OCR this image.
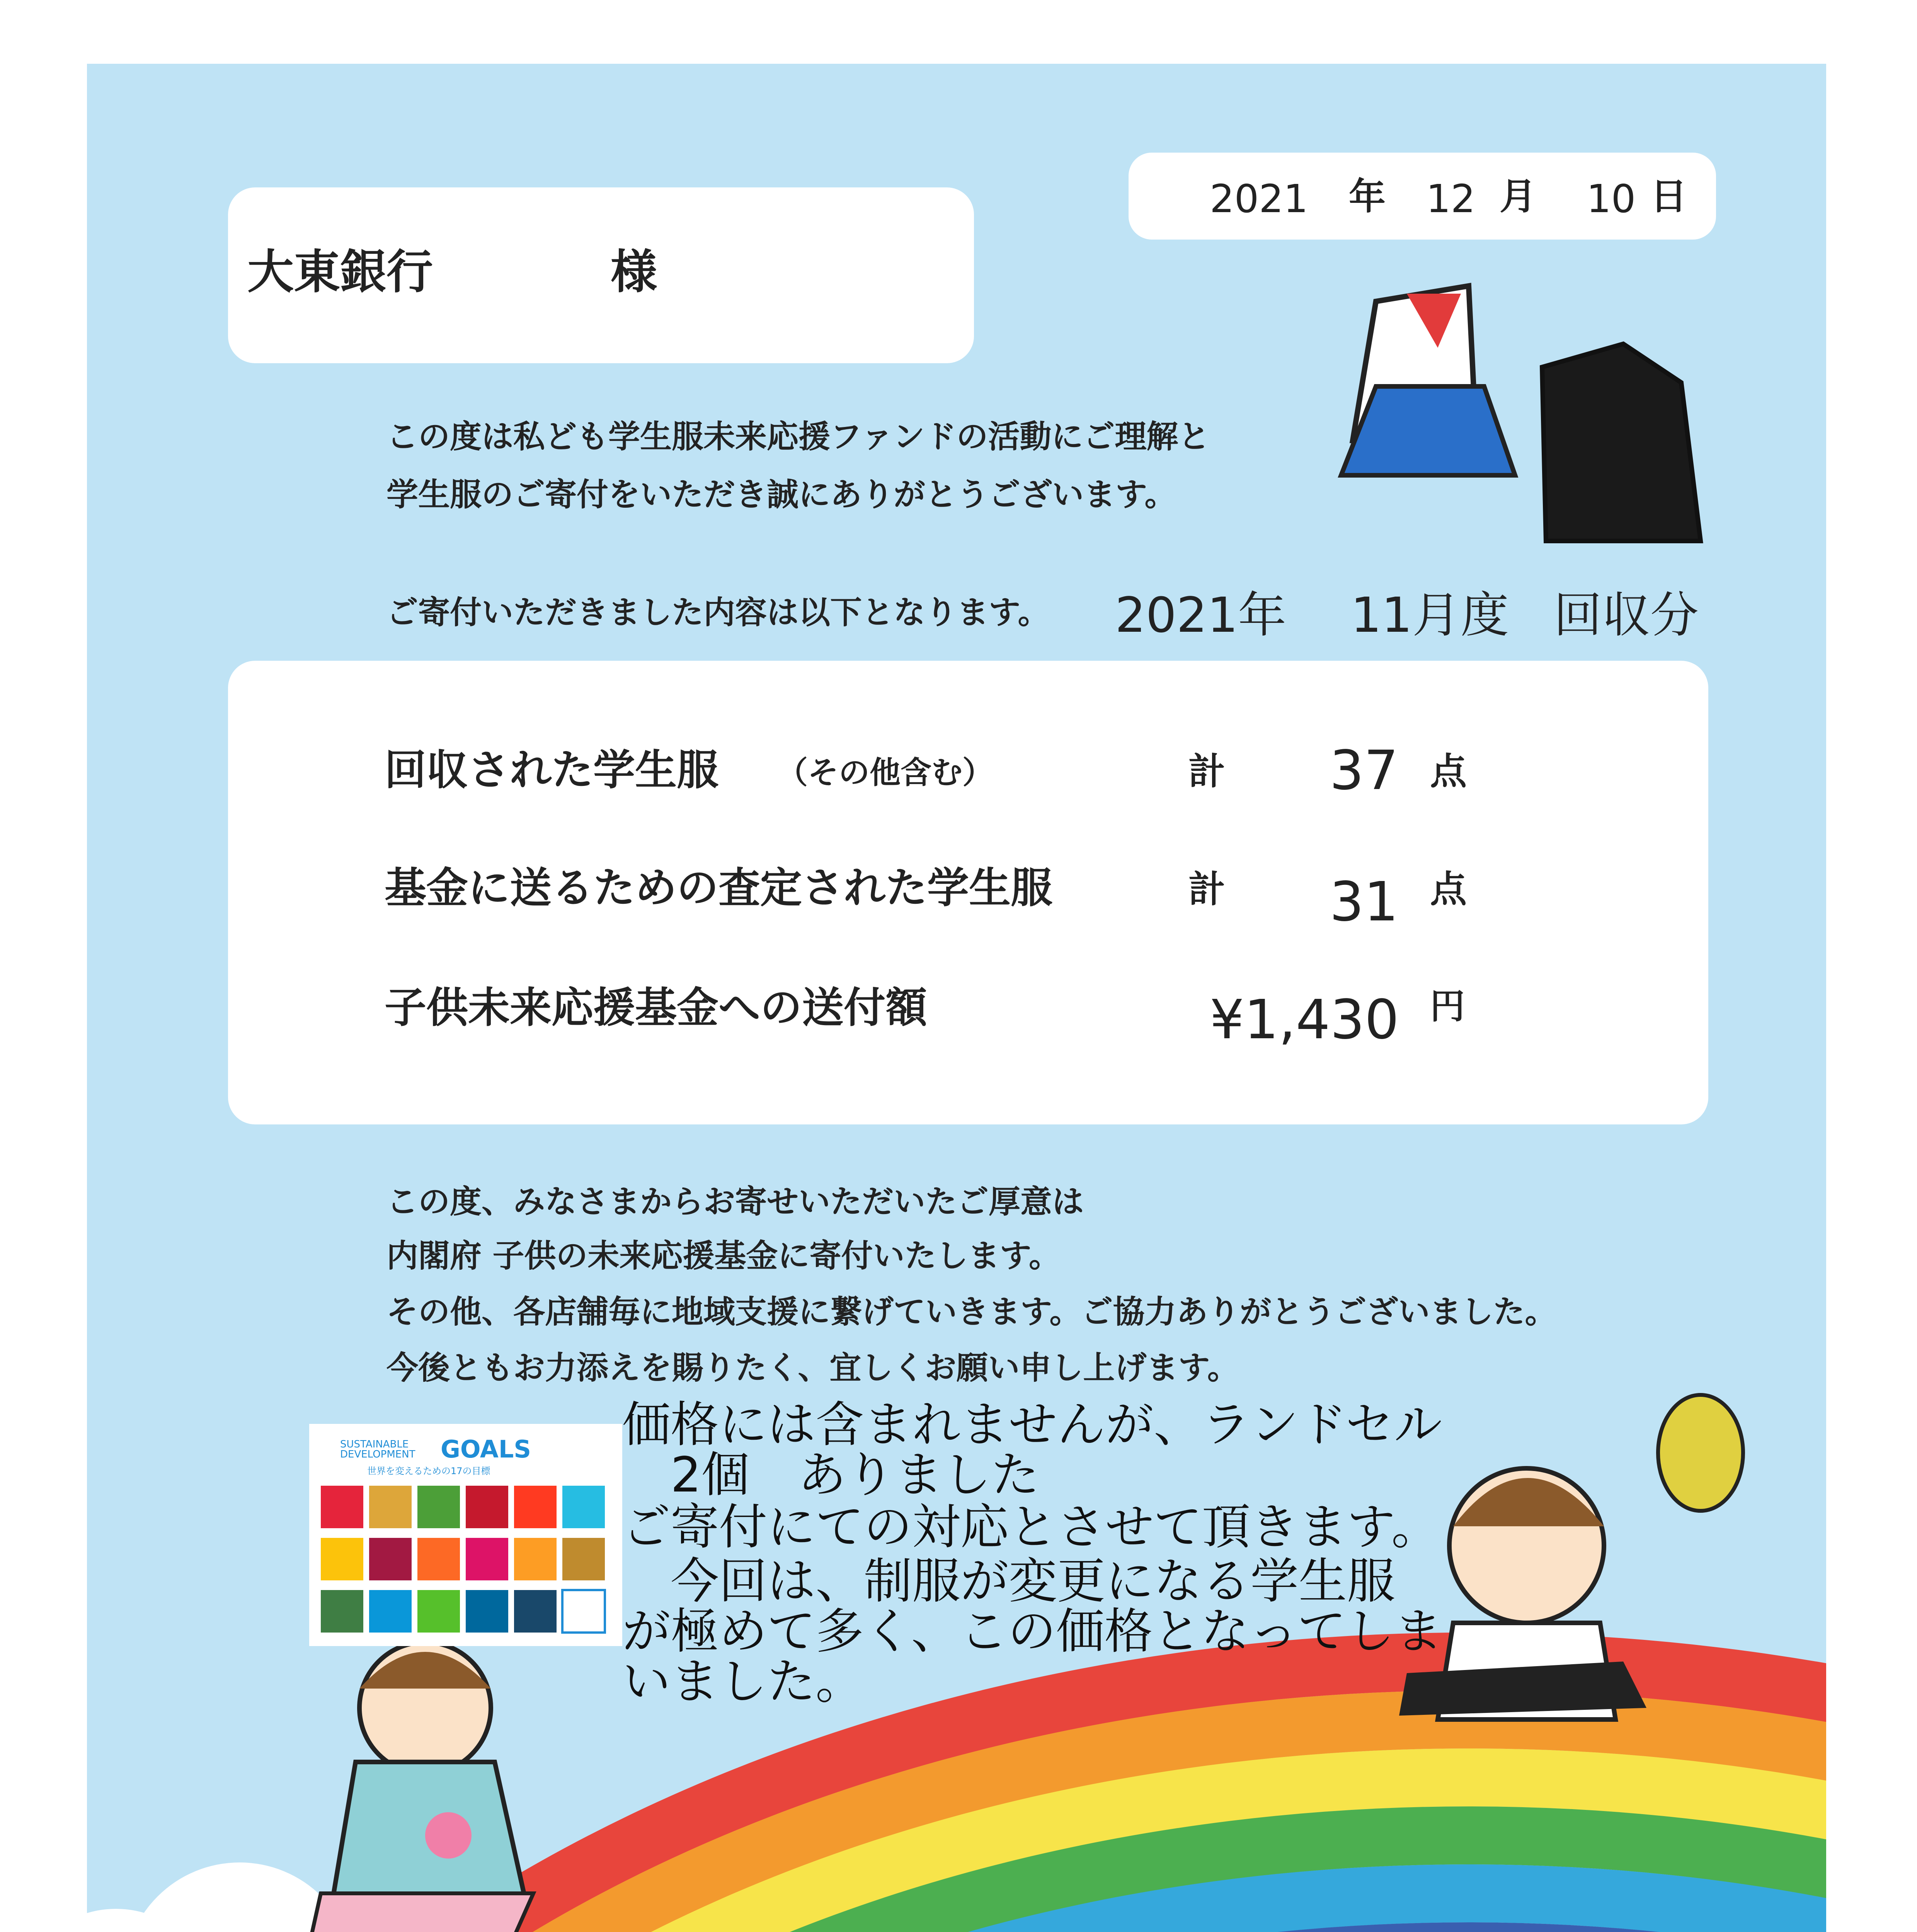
大東銀行	様
2021 年 12 月 10 日
この度は私ども学生服未来応援ファンドの活動にご理解と
学生服のご寄付をいただき誠にありがとうございます。
ご寄付いただきました内容は以下となります。 2021年 11月度 回収分
回収された学生服 （その他含む）	計 37 点
基金に送るための査定された学生服	計 31 点
子供未来応援基金への送付額	¥1,430 円
この度、みなさまからお寄せいただいたご厚意は
内閣府 子供の未来応援基金に寄付いたします。
その他、各店舗毎に地域支援に繋げていきます。ご協力ありがとうございました。
今後ともお力添えを賜りたく、宜しくお願い申し上げます。
SUSTAINABLE DEVELOPMENT	GOALS
世界を変えるための17の目標
価格には含まれませんが、ランドセル
　2個　ありました
ご寄付にての対応とさせて頂きます。
　今回は、制服が変更になる学生服
が極めて多く、この価格となってしま
いました。
